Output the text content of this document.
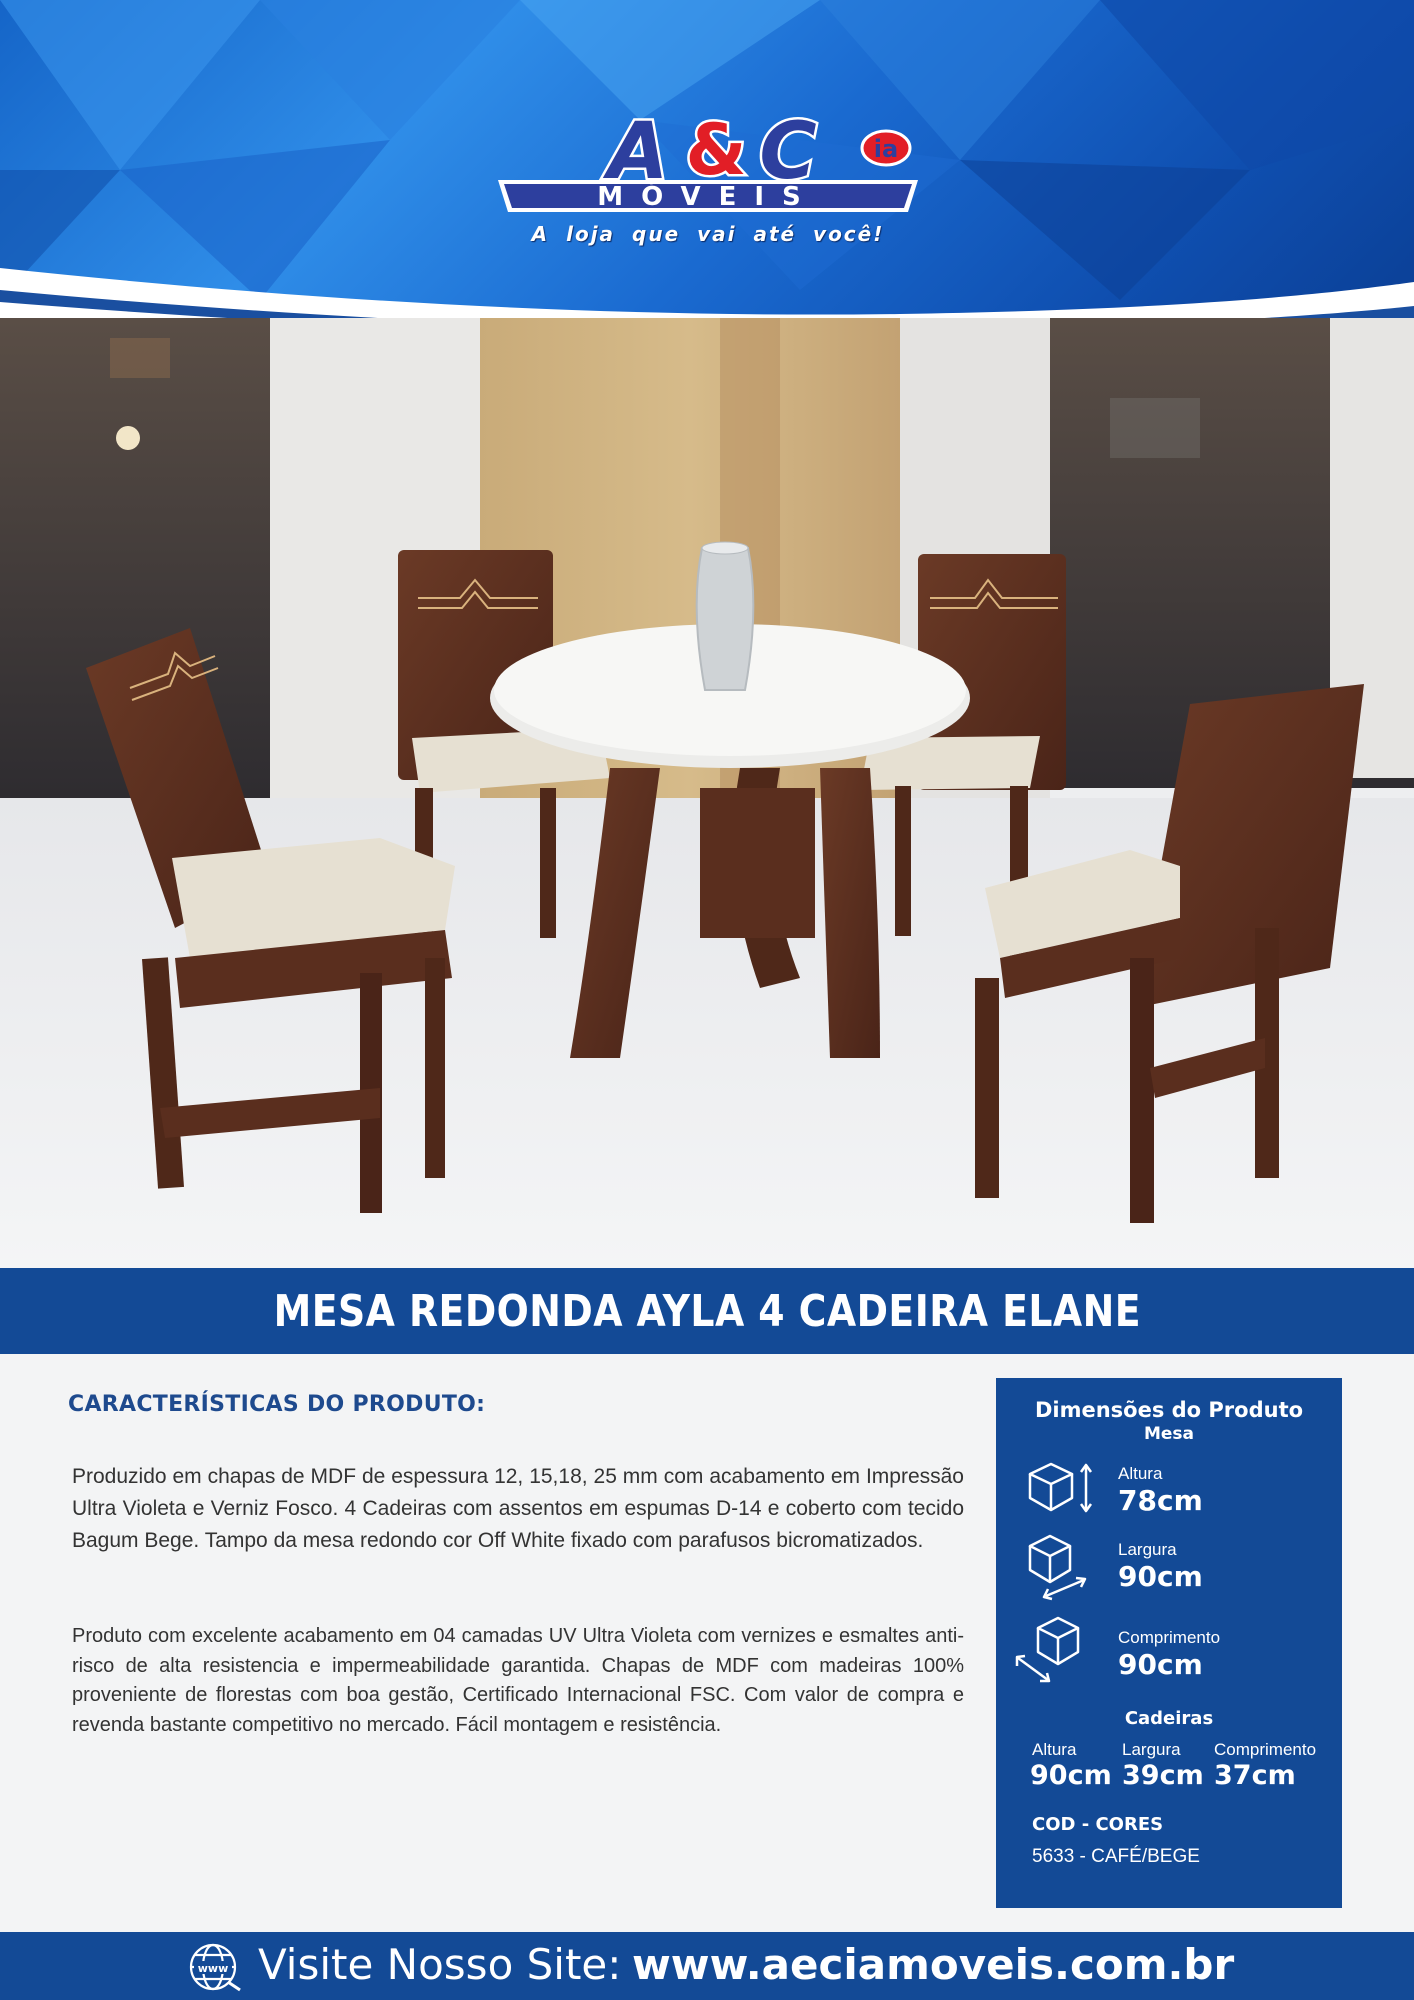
MÓVEIS
A & C ia
A loja que vai até você!
MESA REDONDA AYLA 4 CADEIRA ELANE
CARACTERÍSTICAS DO PRODUTO:

Produzido em chapas de MDF de espessura 12, 15,18, 25 mm com acabamento em Impressão Ultra Violeta e Verniz Fosco. 4 Cadeiras com assentos em espumas D-14 e coberto com tecido Bagum Bege. Tampo da mesa redondo cor Off White fixado com parafusos bicromatizados.

Produto com excelente acabamento em 04 camadas UV Ultra Violeta com vernizes e esmaltes anti-risco de alta resistencia e impermeabilidade garantida. Chapas de MDF com madeiras 100% proveniente de florestas com boa gestão, Certificado Internacional FSC. Com valor de compra e revenda bastante competitivo no mercado. Fácil montagem e resistência.

Dimensões do Produto
Mesa
Altura
78cm
Largura
90cm
Comprimento
90cm
Cadeiras
Altura	Largura Comprimento
90cm 39cm 37cm
COD - CORES
5633 - CAFÉ/BEGE
www Visite Nosso Site: www.aeciamoveis.com.br
